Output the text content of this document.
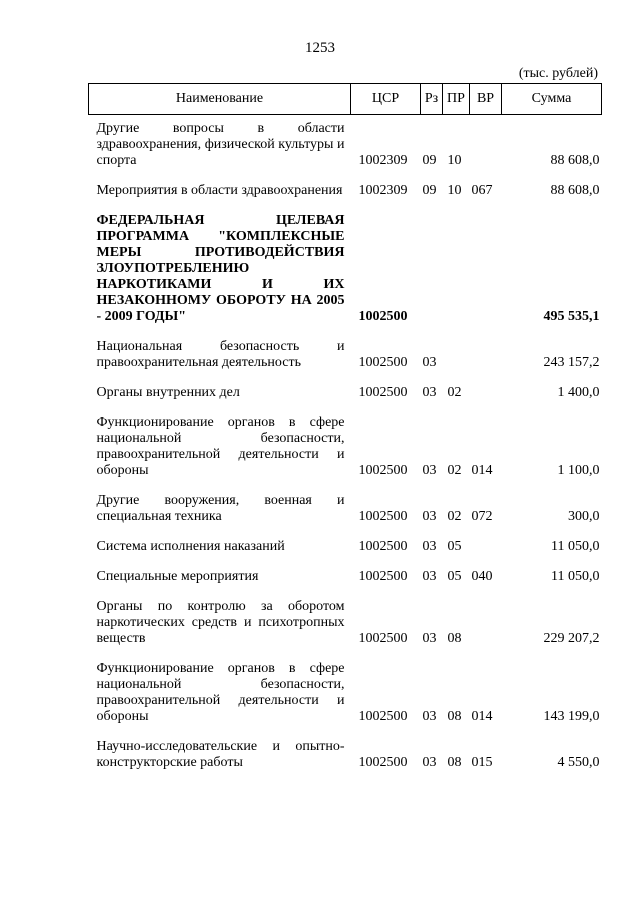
1253
(тыс. рублей)
Наименование	ЦСР	Рз	ПР	ВР	Сумма

Другие вопросы в области здравоохранения, физической культуры и спорта	1002309	09	10		88 608,0

Мероприятия в области здравоохранения	1002309	09	10	067	88 608,0

ФЕДЕРАЛЬНАЯ ЦЕЛЕВАЯ ПРОГРАММА "КОМПЛЕКСНЫЕ МЕРЫ ПРОТИВОДЕЙСТВИЯ ЗЛОУПОТРЕБЛЕНИЮ НАРКОТИКАМИ И ИХ НЕЗАКОННОМУ ОБОРОТУ НА 2005 - 2009 ГОДЫ"	1002500				495 535,1

Национальная безопасность и правоохранительная деятельность	1002500	03			243 157,2

Органы внутренних дел	1002500	03	02		1 400,0

Функционирование органов в сфере национальной безопасности, правоохранительной деятельности и обороны	1002500	03	02	014	1 100,0

Другие вооружения, военная и специальная техника	1002500	03	02	072	300,0

Система исполнения наказаний	1002500	03	05		11 050,0

Специальные мероприятия	1002500	03	05	040	11 050,0

Органы по контролю за оборотом наркотических средств и психотропных веществ	1002500	03	08		229 207,2

Функционирование органов в сфере национальной безопасности, правоохранительной деятельности и обороны	1002500	03	08	014	143 199,0

Научно-исследовательские и опытно-конструкторские работы	1002500	03	08	015	4 550,0
